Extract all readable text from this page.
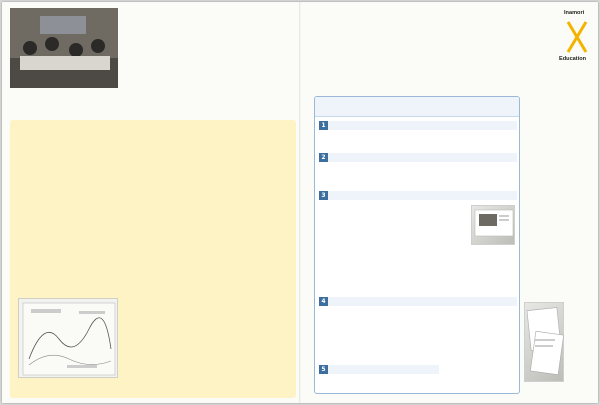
Inamori
Education
1
2
3
4
5
